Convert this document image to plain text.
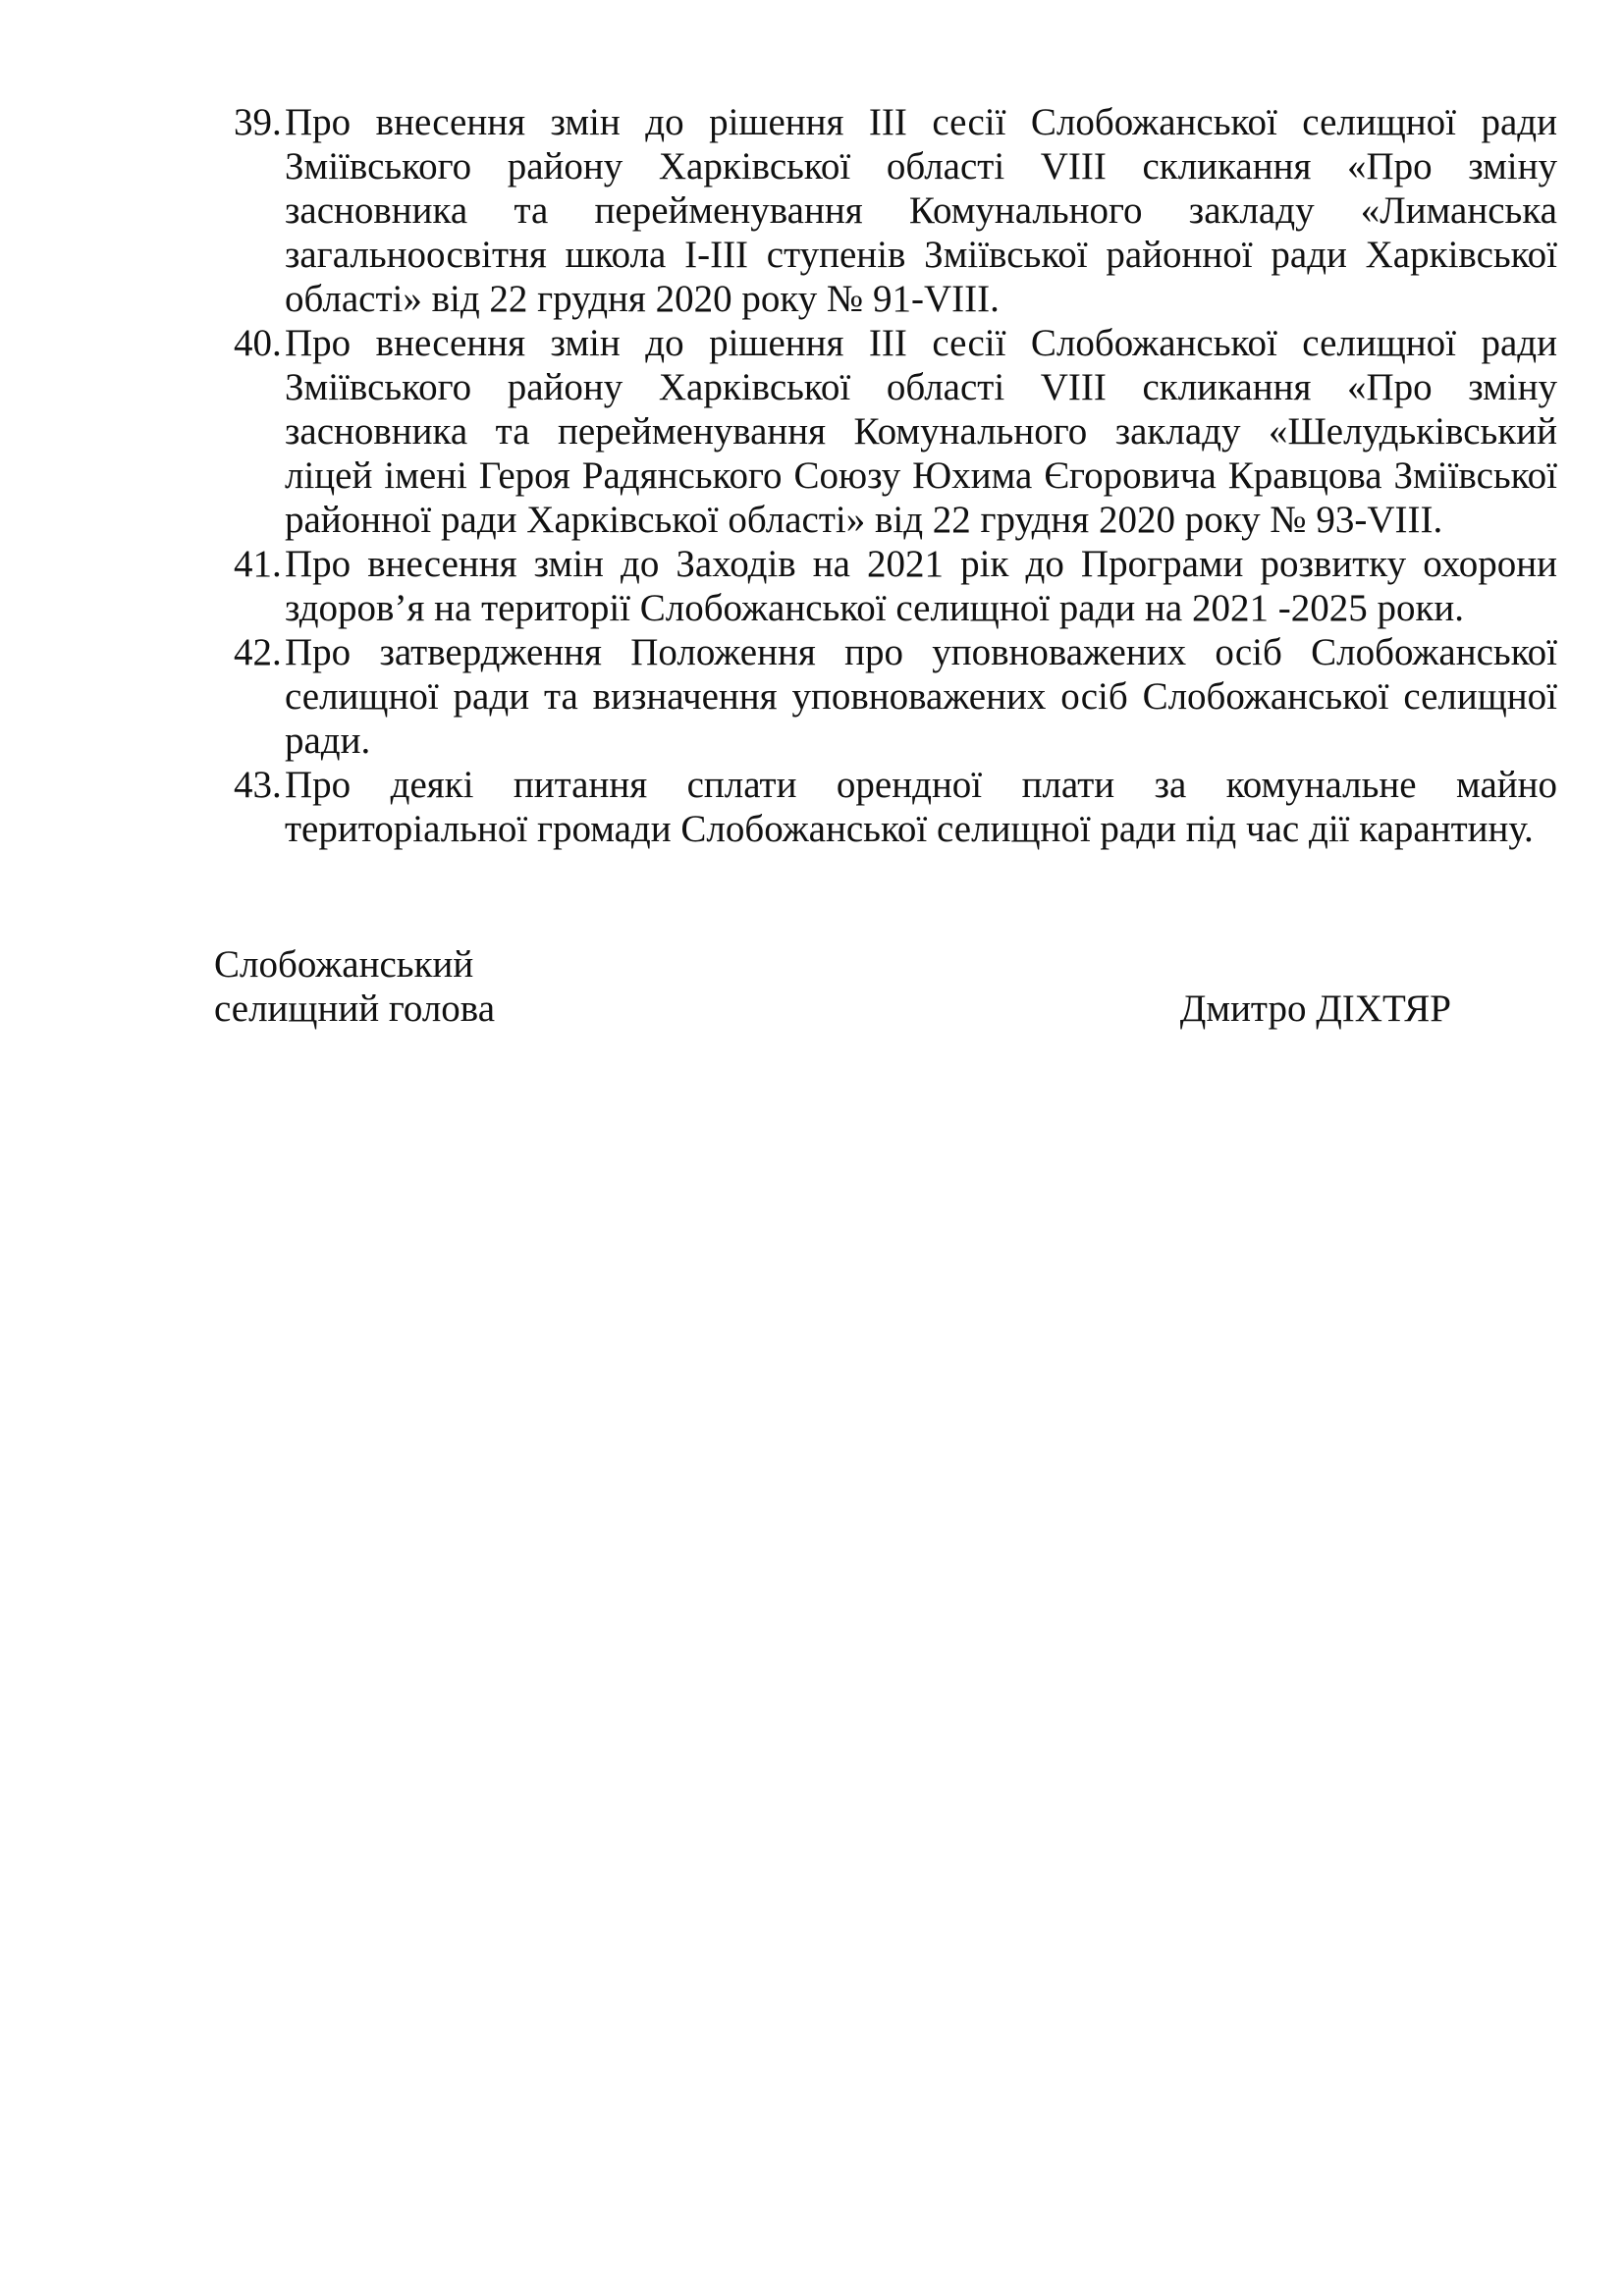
39. Про внесення змін до рішення III сесії Слобожанської селищної ради Зміївського району Харківської області VIII скликання «Про зміну засновника та перейменування Комунального закладу «Лиманська загальноосвітня школа I-III ступенів Зміївської районної ради Харківської області» від 22 грудня 2020 року № 91-VIII.
40. Про внесення змін до рішення III сесії Слобожанської селищної ради Зміївського району Харківської області VIII скликання «Про зміну засновника та перейменування Комунального закладу «Шелудьківський ліцей імені Героя Радянського Союзу Юхима Єгоровича Кравцова Зміївської районної ради Харківської області» від 22 грудня 2020 року № 93-VIII.
41. Про внесення змін до Заходів на 2021 рік до Програми розвитку охорони здоров’я на території Слобожанської селищної ради на 2021 -2025 роки.
42. Про затвердження Положення про уповноважених осіб Слобожанської селищної ради та визначення уповноважених осіб Слобожанської селищної ради.
43. Про деякі питання сплати орендної плати за комунальне майно територіальної громади Слобожанської селищної ради під час дії карантину.
Слобожанський
селищний голова	Дмитро ДІХТЯР
